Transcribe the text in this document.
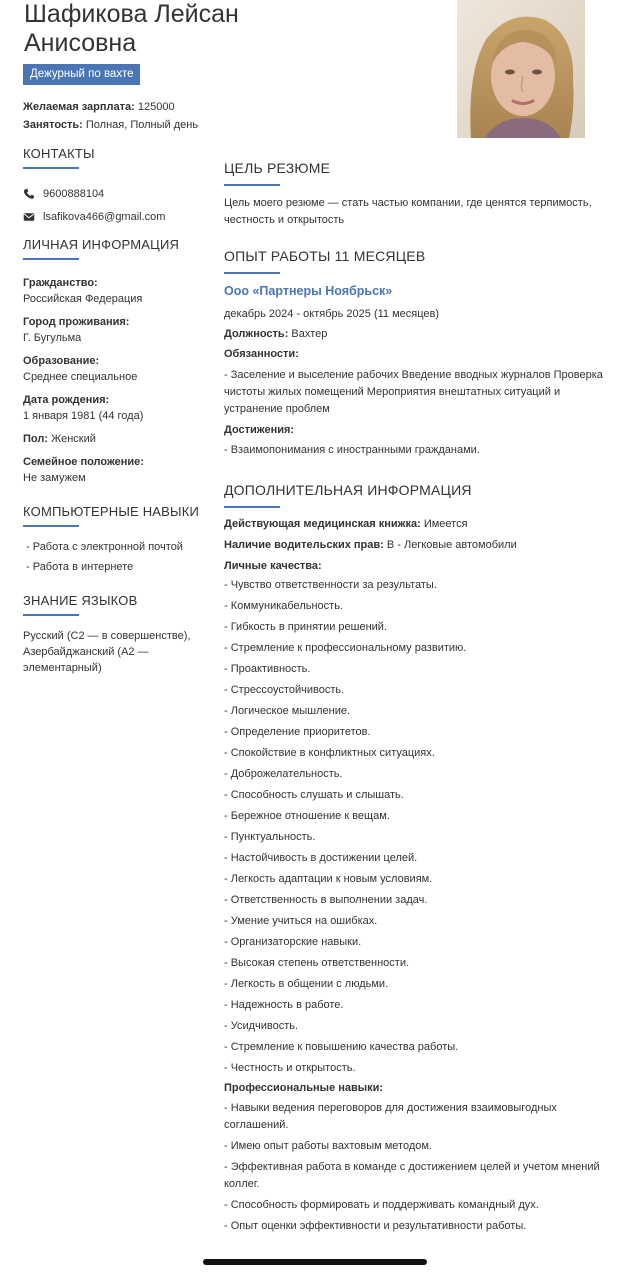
Шафикова Лейсан
Анисовна
Дежурный по вахте
Желаемая зарплата: 125000
Занятость: Полная, Полный день
КОНТАКТЫ
9600888104
lsafikova466@gmail.com
ЛИЧНАЯ ИНФОРМАЦИЯ
Гражданство:
Российская Федерация
Город проживания:
Г. Бугульма
Образование:
Среднее специальное
Дата рождения:
1 января 1981 (44 года)
Пол: Женский
Семейное положение:
Не замужем
КОМПЬЮТЕРНЫЕ НАВЫКИ
- Работа с электронной почтой
- Работа в интернете
ЗНАНИЕ ЯЗЫКОВ
Русский (С2 — в совершенстве),
Азербайджанский (А2 —
элементарный)
ЦЕЛЬ РЕЗЮМЕ
Цель моего резюме — стать частью компании, где ценятся терпимость,
честность и открытость
ОПЫТ РАБОТЫ 11 МЕСЯЦЕВ
Ооо «Партнеры Ноябрьск»
декабрь 2024 - октябрь 2025 (11 месяцев)
Должность: Вахтер
Обязанности:
- Заселение и выселение рабочих Введение вводных журналов Проверка
чистоты жилых помещений Мероприятия внештатных ситуаций и
устранение проблем
Достижения:
- Взаимопонимания с иностранными гражданами.
ДОПОЛНИТЕЛЬНАЯ ИНФОРМАЦИЯ
Действующая медицинская книжка: Имеется
Наличие водительских прав: В - Легковые автомобили
Личные качества:
- Чувство ответственности за результаты.
- Коммуникабельность.
- Гибкость в принятии решений.
- Стремление к профессиональному развитию.
- Проактивность.
- Стрессоустойчивость.
- Логическое мышление.
- Определение приоритетов.
- Спокойствие в конфликтных ситуациях.
- Доброжелательность.
- Способность слушать и слышать.
- Бережное отношение к вещам.
- Пунктуальность.
- Настойчивость в достижении целей.
- Легкость адаптации к новым условиям.
- Ответственность в выполнении задач.
- Умение учиться на ошибках.
- Организаторские навыки.
- Высокая степень ответственности.
- Легкость в общении с людьми.
- Надежность в работе.
- Усидчивость.
- Стремление к повышению качества работы.
- Честность и открытость.
Профессиональные навыки:
- Навыки ведения переговоров для достижения взаимовыгодных
соглашений.
- Имею опыт работы вахтовым методом.
- Эффективная работа в команде с достижением целей и учетом мнений
коллег.
- Способность формировать и поддерживать командный дух.
- Опыт оценки эффективности и результативности работы.
